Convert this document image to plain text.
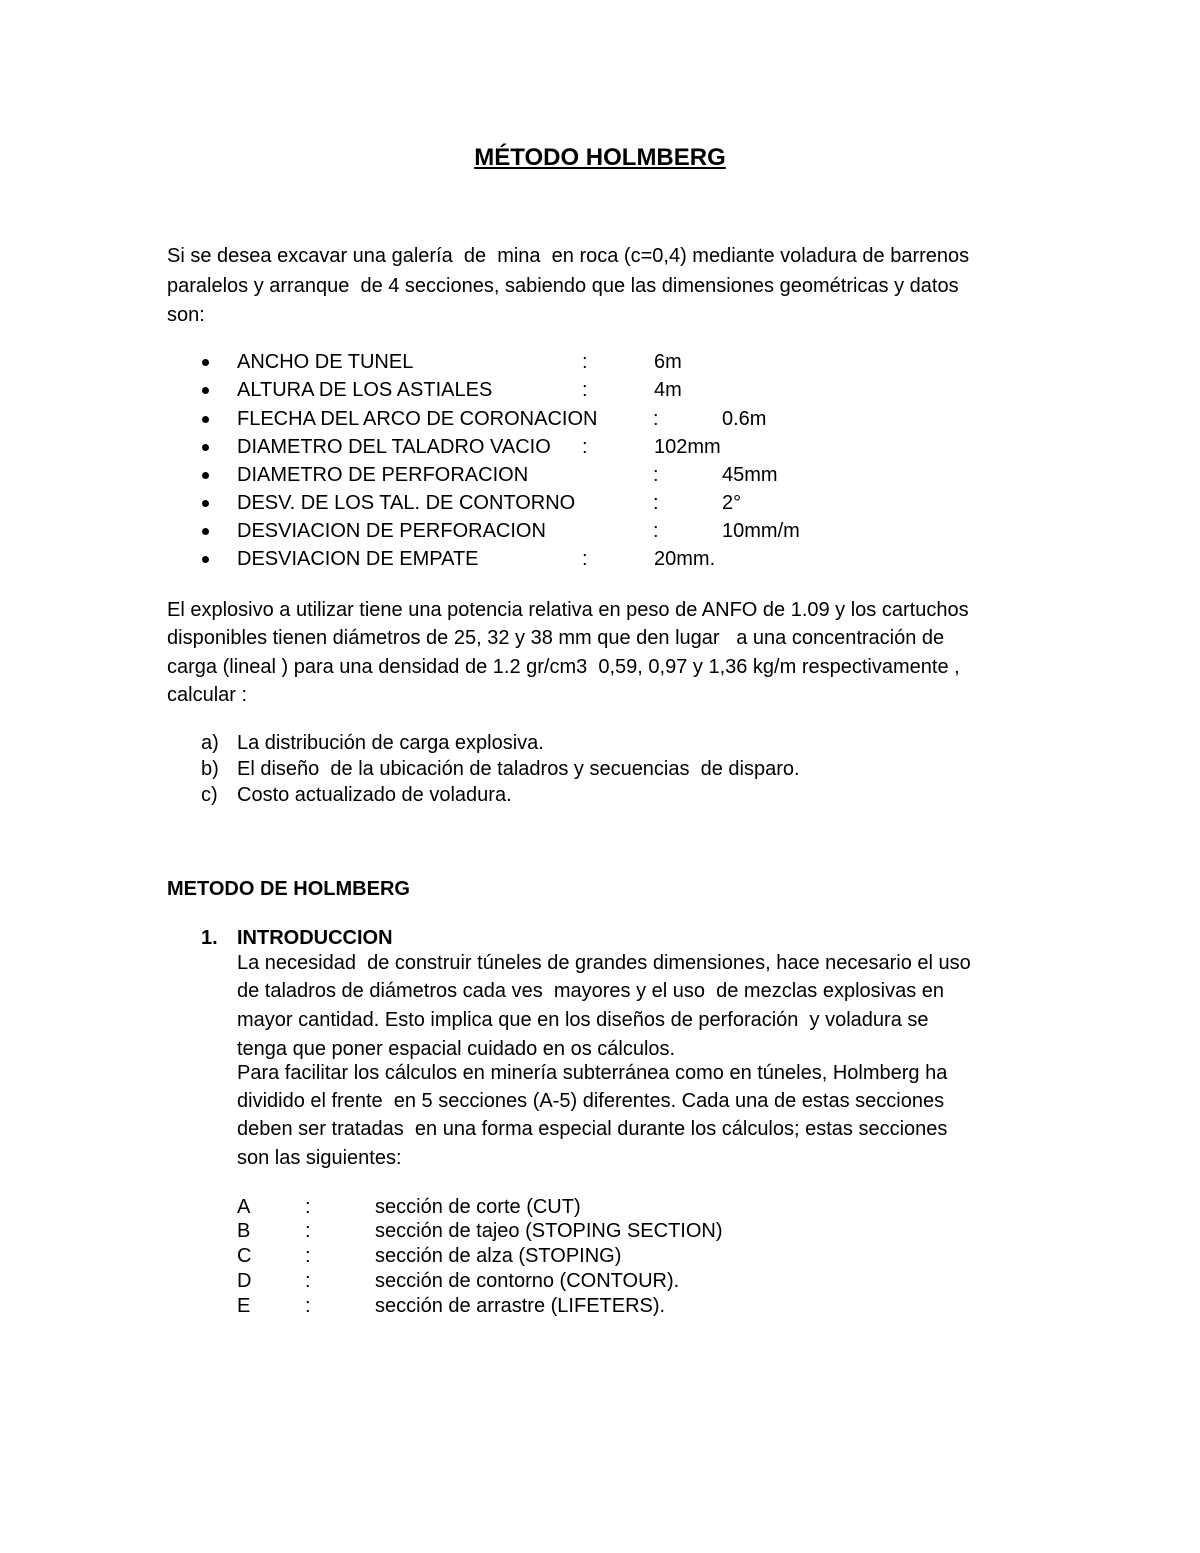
MÉTODO HOLMBERG
Si se desea excavar una galería  de  mina  en roca (c=0,4) mediante voladura de barrenos
paralelos y arranque  de 4 secciones, sabiendo que las dimensiones geométricas y datos
son:
ANCHO DE TUNEL	:	6m
ALTURA DE LOS ASTIALES	:	4m
FLECHA DEL ARCO DE CORONACION	:	0.6m
DIAMETRO DEL TALADRO VACIO :	102mm
DIAMETRO DE PERFORACION	:	45mm
DESV. DE LOS TAL. DE CONTORNO	:	2°
DESVIACION DE PERFORACION	:	10mm/m
DESVIACION DE EMPATE	:	20mm.
El explosivo a utilizar tiene una potencia relativa en peso de ANFO de 1.09 y los cartuchos
disponibles tienen diámetros de 25, 32 y 38 mm que den lugar   a una concentración de
carga (lineal ) para una densidad de 1.2 gr/cm3  0,59, 0,97 y 1,36 kg/m respectivamente ,
calcular :
a) La distribución de carga explosiva.
b) El diseño  de la ubicación de taladros y secuencias  de disparo.
c) Costo actualizado de voladura.
METODO DE HOLMBERG
1. INTRODUCCION
La necesidad  de construir túneles de grandes dimensiones, hace necesario el uso
de taladros de diámetros cada ves  mayores y el uso  de mezclas explosivas en
mayor cantidad. Esto implica que en los diseños de perforación  y voladura se
tenga que poner espacial cuidado en os cálculos.
Para facilitar los cálculos en minería subterránea como en túneles, Holmberg ha
dividido el frente  en 5 secciones (A-5) diferentes. Cada una de estas secciones
deben ser tratadas  en una forma especial durante los cálculos; estas secciones
son las siguientes:
A	:	sección de corte (CUT)
B	:	sección de tajeo (STOPING SECTION)
C	:	sección de alza (STOPING)
D	:	sección de contorno (CONTOUR).
E	:	sección de arrastre (LIFETERS).
